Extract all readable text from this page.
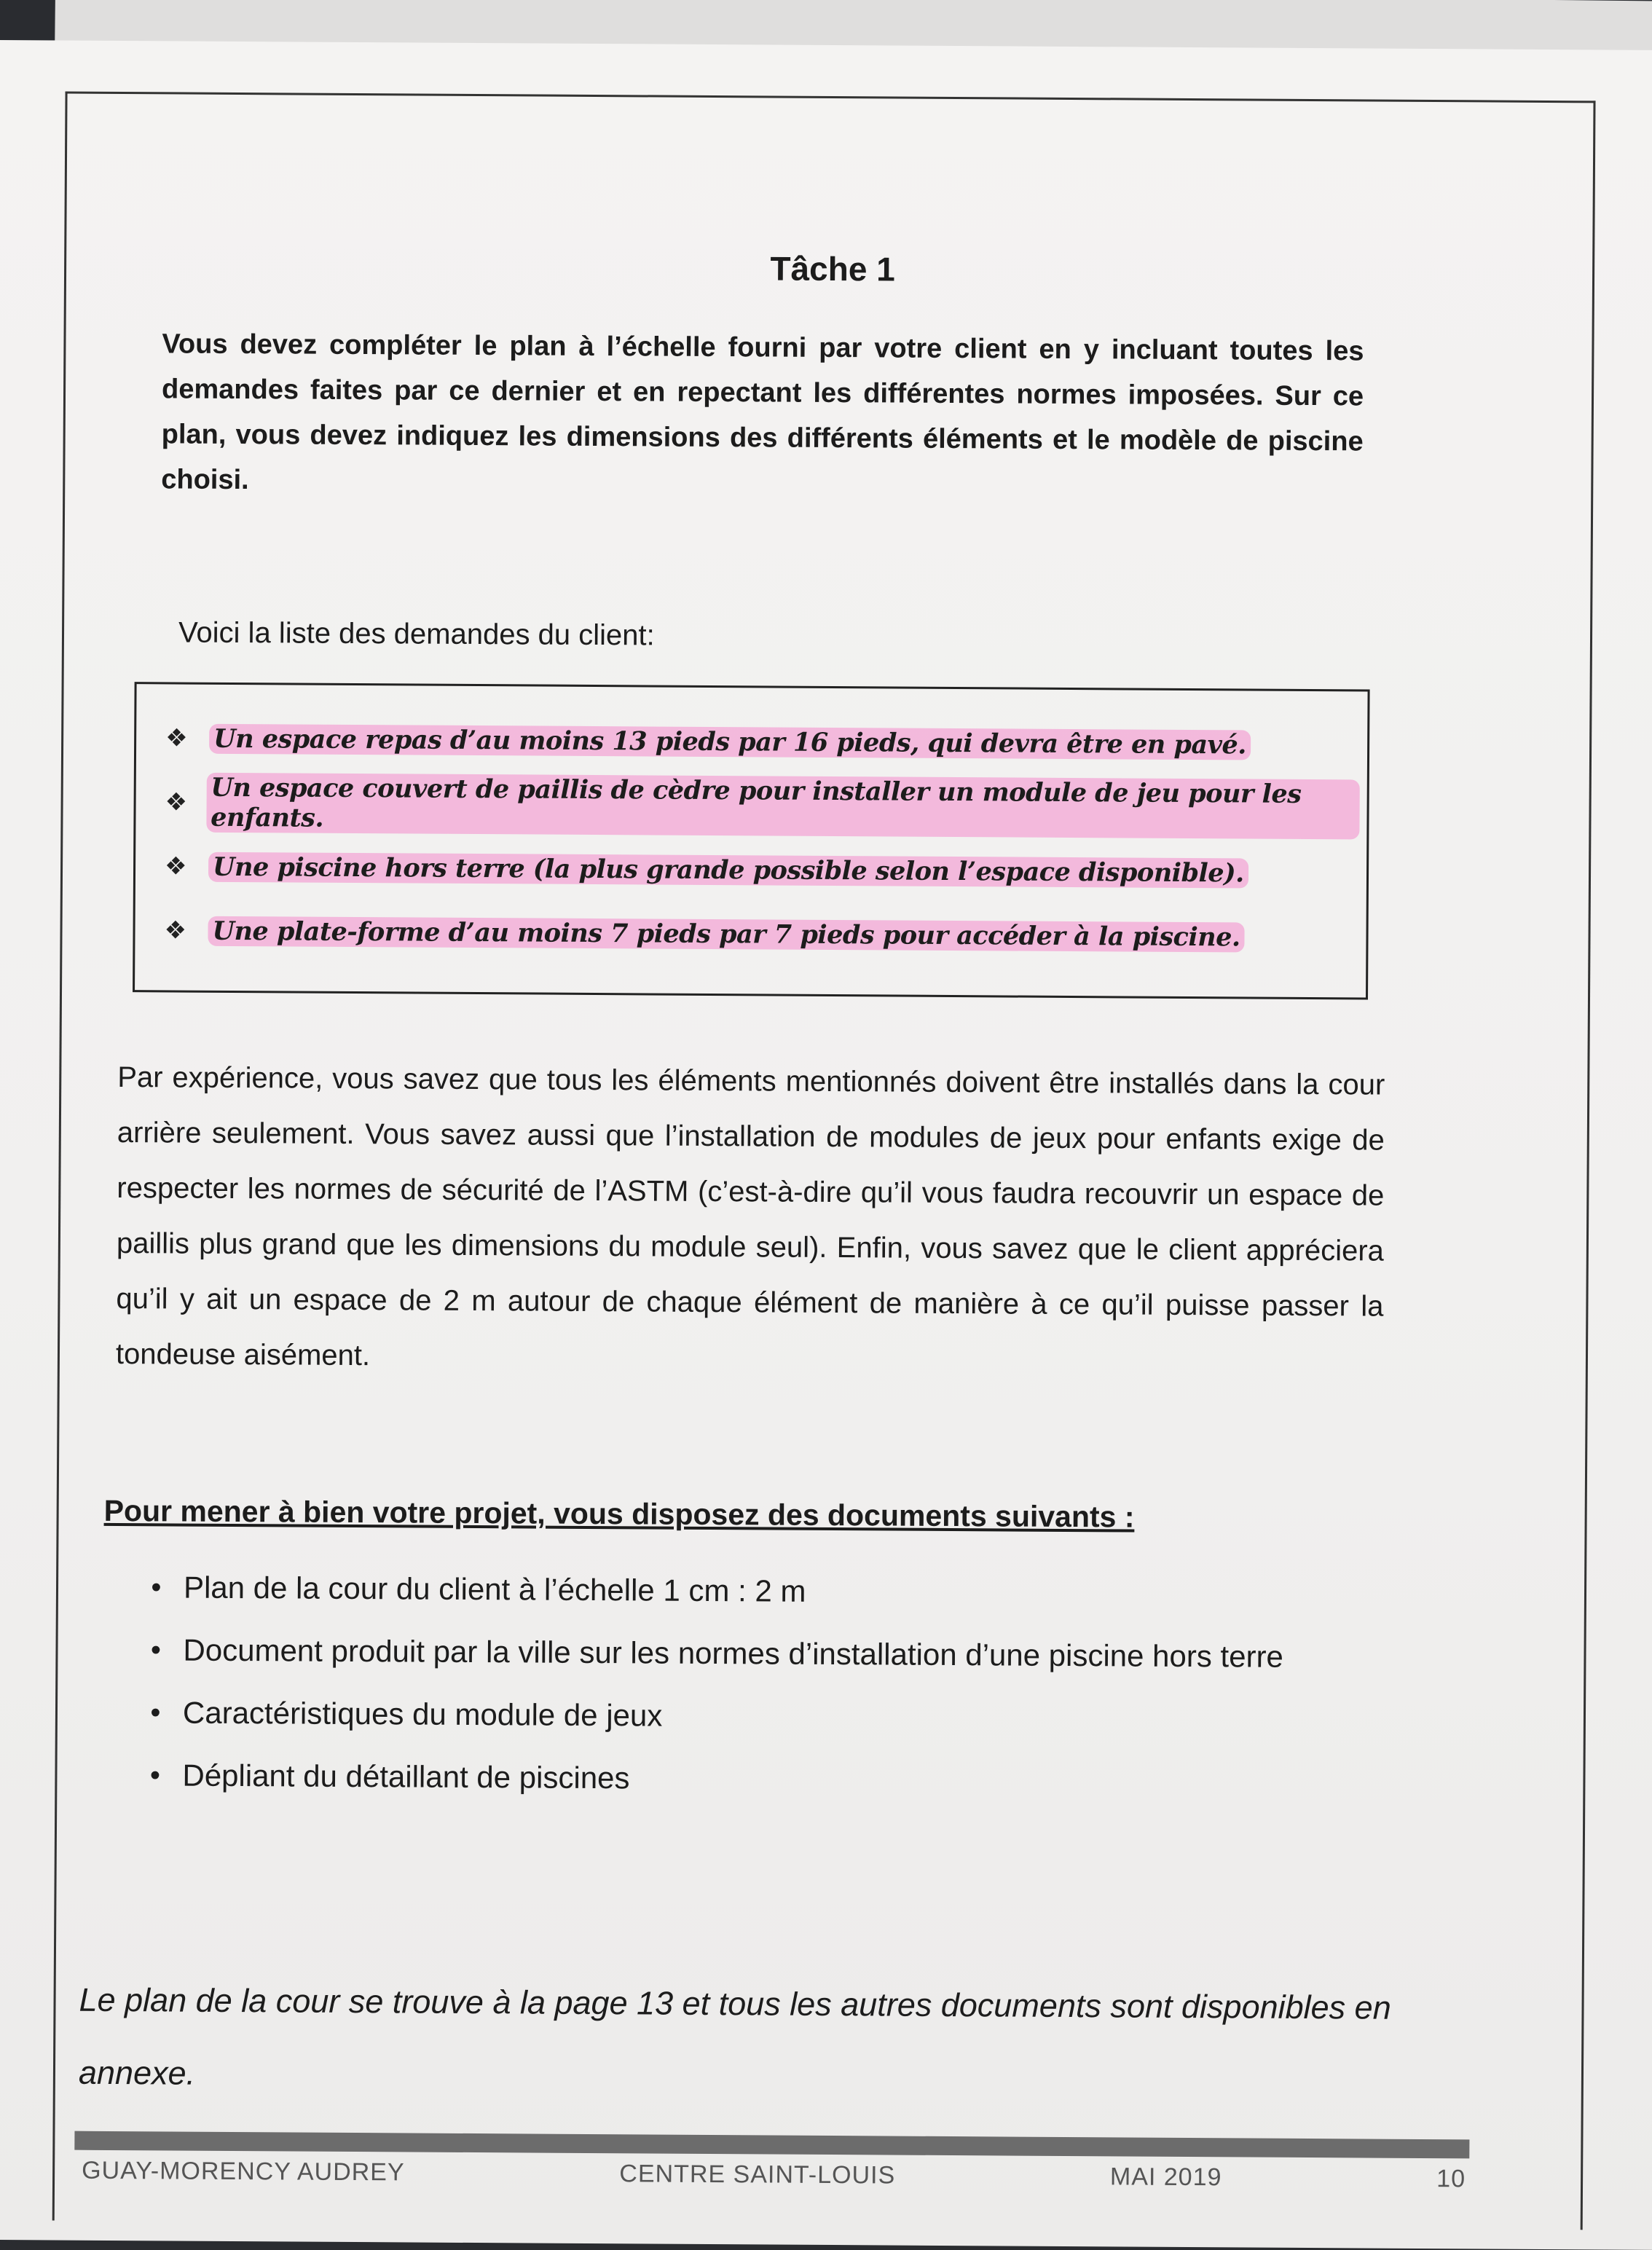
Tâche 1
Vous devez compléter le plan à l’échelle fourni par votre client en y incluant toutes les demandes faites par ce dernier et en repectant les différentes normes imposées. Sur ce plan, vous devez indiquez les dimensions des différents éléments et le modèle de piscine choisi.
Voici la liste des demandes du client:
❖	Un espace repas d’au moins 13 pieds par 16 pieds, qui devra être en pavé.
❖ Un espace couvert de paillis de cèdre pour installer un module de jeu pour les enfants.
❖	Une piscine hors terre (la plus grande possible selon l’espace disponible).
❖	Une plate-forme d’au moins 7 pieds par 7 pieds pour accéder à la piscine.
Par expérience, vous savez que tous les éléments mentionnés doivent être installés dans la cour arrière seulement. Vous savez aussi que l’installation de modules de jeux pour enfants exige de respecter les normes de sécurité de l’ASTM (c’est-à-dire qu’il vous faudra recouvrir un espace de paillis plus grand que les dimensions du module seul). Enfin, vous savez que le client appréciera qu’il y ait un espace de 2 m autour de chaque élément de manière à ce qu’il puisse passer la tondeuse aisément.
Pour mener à bien votre projet, vous disposez des documents suivants :
• Plan de la cour du client à l’échelle 1 cm : 2 m
• Document produit par la ville sur les normes d’installation d’une piscine hors terre
• Caractéristiques du module de jeux
• Dépliant du détaillant de piscines
Le plan de la cour se trouve à la page 13 et tous les autres documents sont disponibles en annexe.
GUAY-MORENCY AUDREY	CENTRE SAINT-LOUIS	MAI 2019	10
